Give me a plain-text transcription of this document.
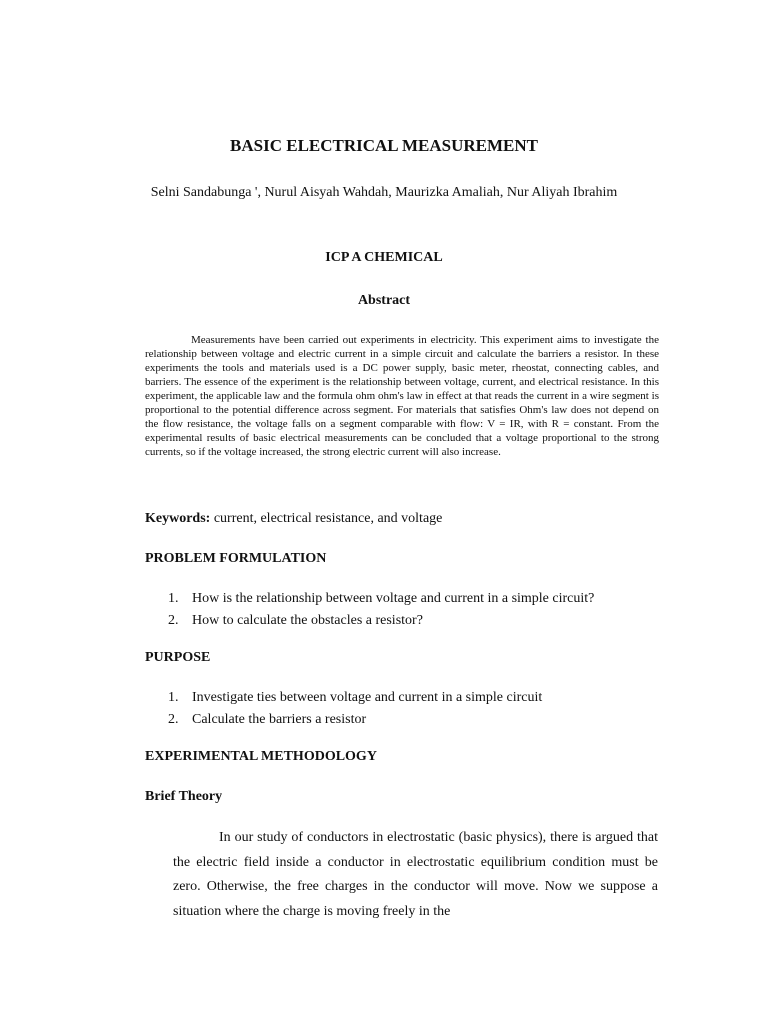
BASIC ELECTRICAL MEASUREMENT
Selni Sandabunga ', Nurul Aisyah Wahdah, Maurizka Amaliah, Nur Aliyah Ibrahim
ICP A CHEMICAL
Abstract

Measurements have been carried out experiments in electricity. This experiment aims to investigate the relationship between voltage and electric current in a simple circuit and calculate the barriers a resistor. In these experiments the tools and materials used is a DC power supply, basic meter, rheostat, connecting cables, and barriers. The essence of the experiment is the relationship between voltage, current, and electrical resistance. In this experiment, the applicable law and the formula ohm ohm's law in effect at that reads the current in a wire segment is proportional to the potential difference across segment. For materials that satisfies Ohm's law does not depend on the flow resistance, the voltage falls on a segment comparable with flow: V = IR, with R = constant. From the experimental results of basic electrical measurements can be concluded that a voltage proportional to the strong currents, so if the voltage increased, the strong electric current will also increase.

Keywords: current, electrical resistance, and voltage
PROBLEM FORMULATION
1. How is the relationship between voltage and current in a simple circuit?
2. How to calculate the obstacles a resistor?
PURPOSE
1. Investigate ties between voltage and current in a simple circuit
2. Calculate the barriers a resistor
EXPERIMENTAL METHODOLOGY
Brief Theory

In our study of conductors in electrostatic (basic physics), there is argued that the electric field inside a conductor in electrostatic equilibrium condition must be zero. Otherwise, the free charges in the conductor will move. Now we suppose a situation where the charge is moving freely in the
